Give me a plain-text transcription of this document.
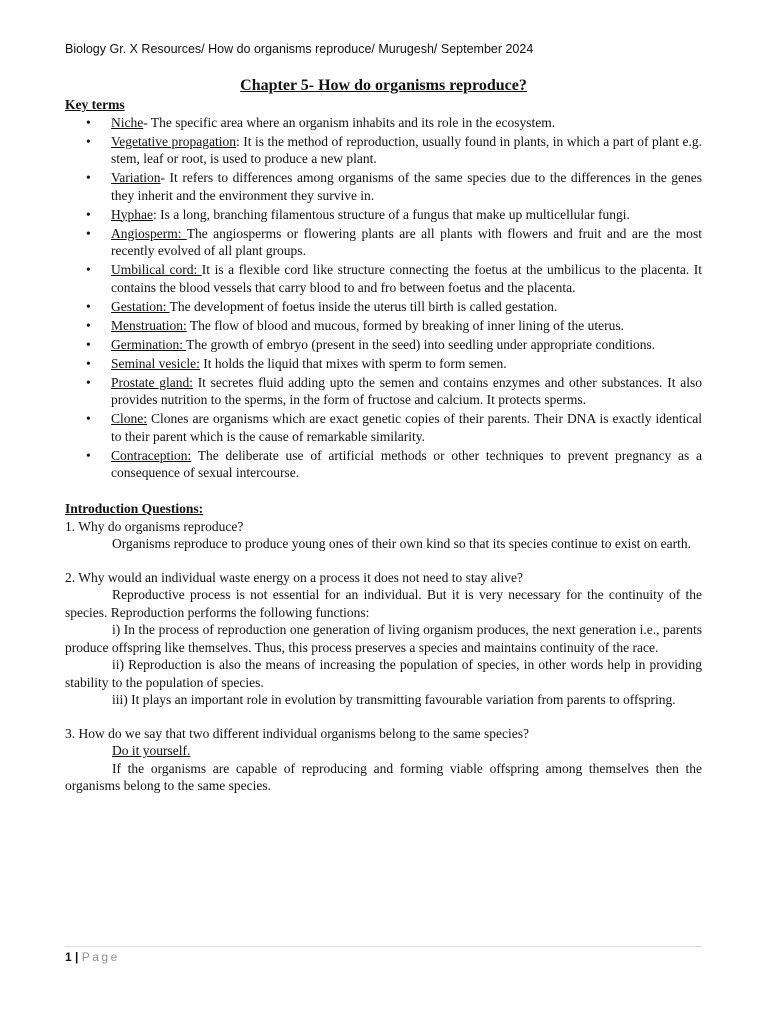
Biology Gr. X Resources/ How do organisms reproduce/ Murugesh/ September 2024
Chapter 5- How do organisms reproduce?
Key terms
• Niche- The specific area where an organism inhabits and its role in the ecosystem.
• Vegetative propagation: It is the method of reproduction, usually found in plants, in which a part of plant e.g. stem, leaf or root, is used to produce a new plant.
• Variation- It refers to differences among organisms of the same species due to the differences in the genes they inherit and the environment they survive in.
• Hyphae: Is a long, branching filamentous structure of a fungus that make up multicellular fungi.
• Angiosperm: The angiosperms or flowering plants are all plants with flowers and fruit and are the most recently evolved of all plant groups.
• Umbilical cord: It is a flexible cord like structure connecting the foetus at the umbilicus to the placenta. It contains the blood vessels that carry blood to and fro between foetus and the placenta.
• Gestation: The development of foetus inside the uterus till birth is called gestation.
• Menstruation: The flow of blood and mucous, formed by breaking of inner lining of the uterus.
• Germination: The growth of embryo (present in the seed) into seedling under appropriate conditions.
• Seminal vesicle: It holds the liquid that mixes with sperm to form semen.
• Prostate gland: It secretes fluid adding upto the semen and contains enzymes and other substances. It also provides nutrition to the sperms, in the form of fructose and calcium. It protects sperms.
• Clone: Clones are organisms which are exact genetic copies of their parents. Their DNA is exactly identical to their parent which is the cause of remarkable similarity.
• Contraception: The deliberate use of artificial methods or other techniques to prevent pregnancy as a consequence of sexual intercourse.
Introduction Questions:

1. Why do organisms reproduce?

Organisms reproduce to produce young ones of their own kind so that its species continue to exist on earth.

2. Why would an individual waste energy on a process it does not need to stay alive?

Reproductive process is not essential for an individual. But it is very necessary for the continuity of the species. Reproduction performs the following functions:

i) In the process of reproduction one generation of living organism produces, the next generation i.e., parents produce offspring like themselves. Thus, this process preserves a species and maintains continuity of the race.

ii) Reproduction is also the means of increasing the population of species, in other words help in providing stability to the population of species.

iii) It plays an important role in evolution by transmitting favourable variation from parents to offspring.

3. How do we say that two different individual organisms belong to the same species?

Do it yourself.

If the organisms are capable of reproducing and forming viable offspring among themselves then the organisms belong to the same species.

1 | Page
